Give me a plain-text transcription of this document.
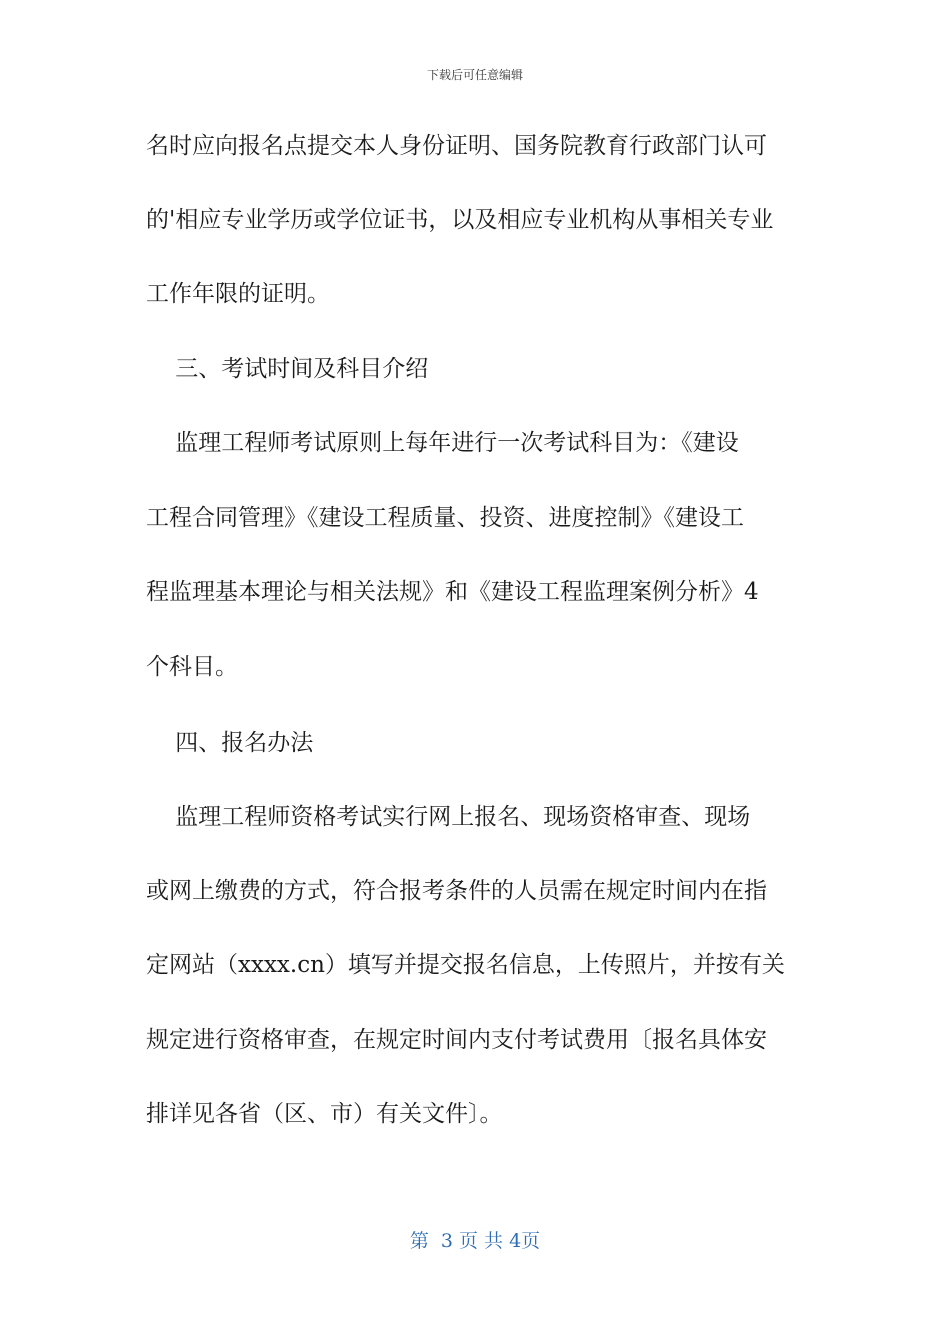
下载后可任意编辑
名时应向报名点提交本人身份证明、国务院教育行政部门认可
的'相应专业学历或学位证书，以及相应专业机构从事相关专业
工作年限的证明。
三、考试时间及科目介绍
监理工程师考试原则上每年进行一次考试科目为：《建设
工程合同管理》《建设工程质量、投资、进度控制》《建设工
程监理基本理论与相关法规》和《建设工程监理案例分析》4
个科目。
四、报名办法
监理工程师资格考试实行网上报名、现场资格审查、现场
或网上缴费的方式，符合报考条件的人员需在规定时间内在指
定网站（xxxx.cn）填写并提交报名信息，上传照片，并按有关
规定进行资格审查，在规定时间内支付考试费用〔报名具体安
排详见各省（区、市）有关文件〕。
第  3 页 共 4页
